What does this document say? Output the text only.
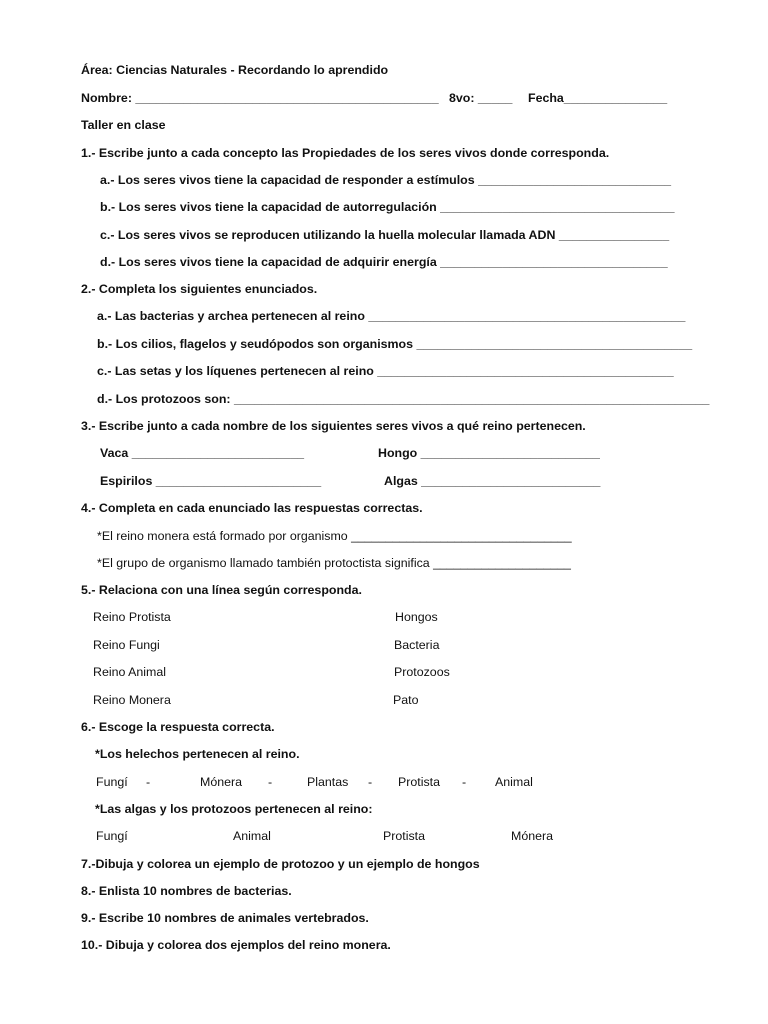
Área: Ciencias Naturales - Recordando lo aprendido
Nombre: ____________________________________________ 8vo: _____ Fecha_______________
Taller en clase
1.- Escribe junto a cada concepto las Propiedades de los seres vivos donde corresponda.
a.- Los seres vivos tiene la capacidad de responder a estímulos ____________________________
b.- Los seres vivos tiene la capacidad de autorregulación __________________________________
c.- Los seres vivos se reproducen utilizando la huella molecular llamada ADN ________________
d.- Los seres vivos tiene la capacidad de adquirir energía _________________________________
2.- Completa los siguientes enunciados.
a.- Las bacterias y archea pertenecen al reino ______________________________________________
b.- Los cilios, flagelos y seudópodos son organismos ________________________________________
c.- Las setas y los líquenes pertenecen al reino ___________________________________________
d.- Los protozoos son: _____________________________________________________________________
3.- Escribe junto a cada nombre de los siguientes seres vivos a qué reino pertenecen.
Vaca _________________________	Hongo __________________________
Espirilos ________________________	Algas __________________________
4.- Completa en cada enunciado las respuestas correctas.
*El reino monera está formado por organismo ________________________________
*El grupo de organismo llamado también protoctista significa ____________________
5.- Relaciona con una línea según corresponda.
Reino Protista	Hongos
Reino Fungi	Bacteria
Reino Animal	Protozoos
Reino Monera	Pato
6.- Escoge la respuesta correcta.
*Los helechos pertenecen al reino.
Fungí -	Mónera -	Plantas - Protista - Animal
*Las algas y los protozoos pertenecen al reino:
Fungí	Animal	Protista	Mónera
7.-Dibuja y colorea un ejemplo de protozoo y un ejemplo de hongos
8.- Enlista 10 nombres de bacterias.
9.- Escribe 10 nombres de animales vertebrados.
10.- Dibuja y colorea dos ejemplos del reino monera.
